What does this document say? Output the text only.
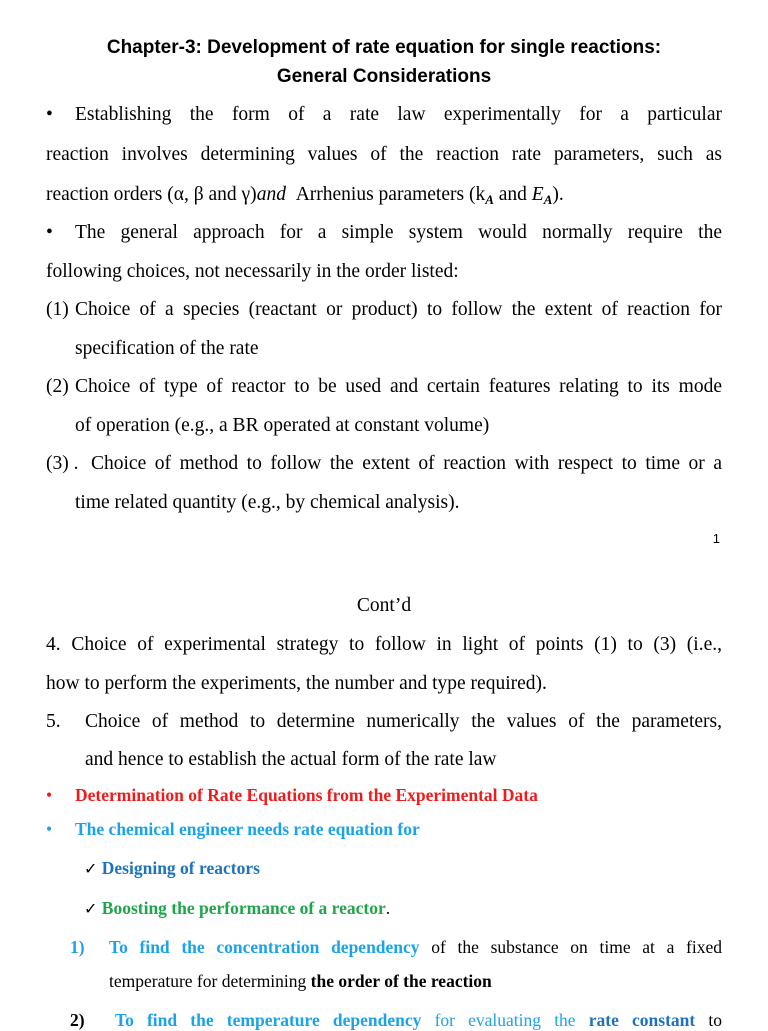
Chapter-3: Development of rate equation for single reactions:
General Considerations
• Establishing the form of a rate law experimentally for a particular
reaction involves determining values of the reaction rate parameters, such as
reaction orders (α, β and γ)and Arrhenius parameters ($k_A$ and $E_A$).
• The general approach for a simple system would normally require the
following choices, not necessarily in the order listed:
(1) Choice of a species (reactant or product) to follow the extent of reaction for
specification of the rate
(2) Choice of type of reactor to be used and certain features relating to its mode
of operation (e.g., a BR operated at constant volume)
(3) . Choice of method to follow the extent of reaction with respect to time or a
time related quantity (e.g., by chemical analysis).
1
Cont’d
4. Choice of experimental strategy to follow in light of points (1) to (3) (i.e.,
how to perform the experiments, the number and type required).
5. Choice of method to determine numerically the values of the parameters,
and hence to establish the actual form of the rate law
• Determination of Rate Equations from the Experimental Data
• The chemical engineer needs rate equation for
✓ Designing of reactors
✓ Boosting the performance of a reactor.
1) To find the concentration dependency of the substance on time at a fixed
temperature for determining the order of the reaction
2) To find the temperature dependency for evaluating the rate constant to
